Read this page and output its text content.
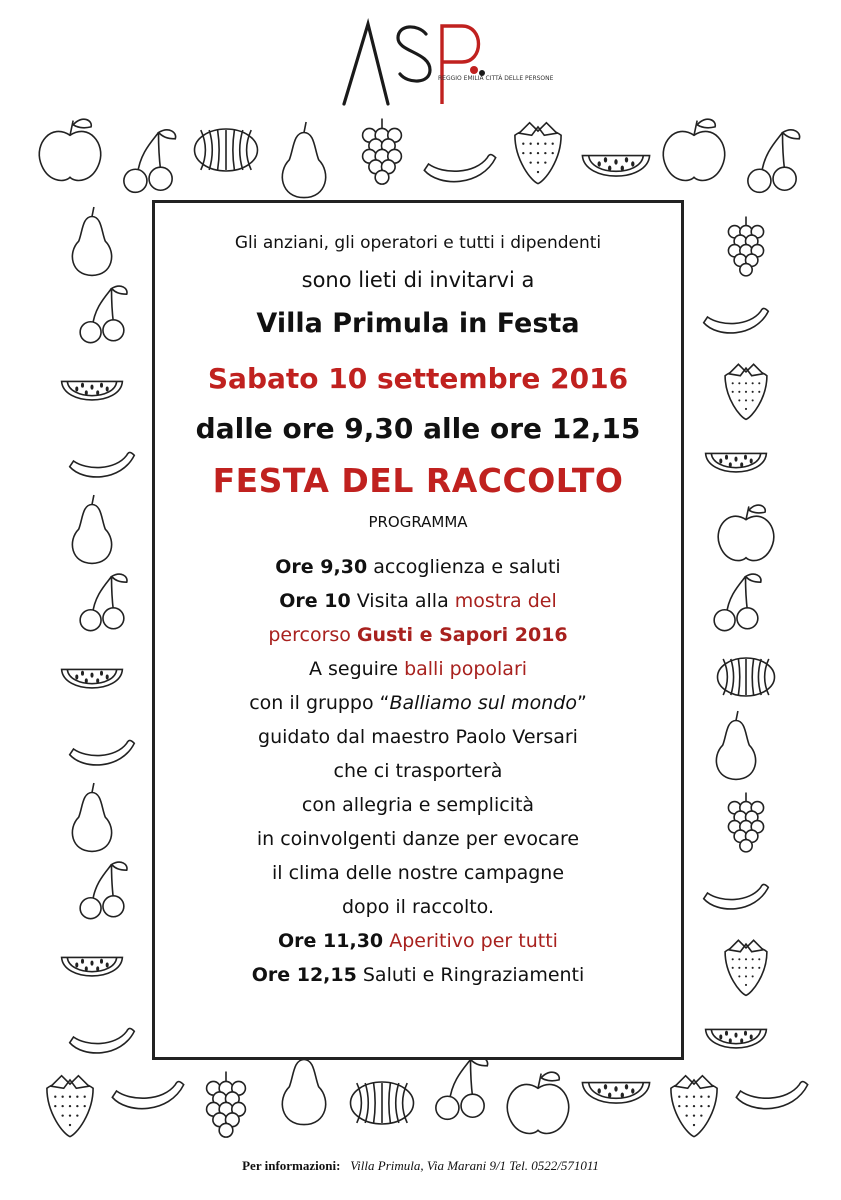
REGGIO EMILIA CITTÀ DELLE PERSONE
Gli anziani, gli operatori e tutti i dipendenti
sono lieti di invitarvi a
Villa Primula in Festa
Sabato 10 settembre 2016
dalle ore 9,30 alle ore 12,15
FESTA DEL RACCOLTO
PROGRAMMA
Ore 9,30 accoglienza e saluti
Ore 10 Visita alla mostra del
percorso Gusti e Sapori 2016
A seguire balli popolari
con il gruppo “Balliamo sul mondo”
guidato dal maestro Paolo Versari
che ci trasporterà
con allegria e semplicità
in coinvolgenti danze per evocare
il clima delle nostre campagne
dopo il raccolto.
Ore 11,30 Aperitivo per tutti
Ore 12,15 Saluti e Ringraziamenti
Per informazioni: Villa Primula, Via Marani 9/1 Tel. 0522/571011
